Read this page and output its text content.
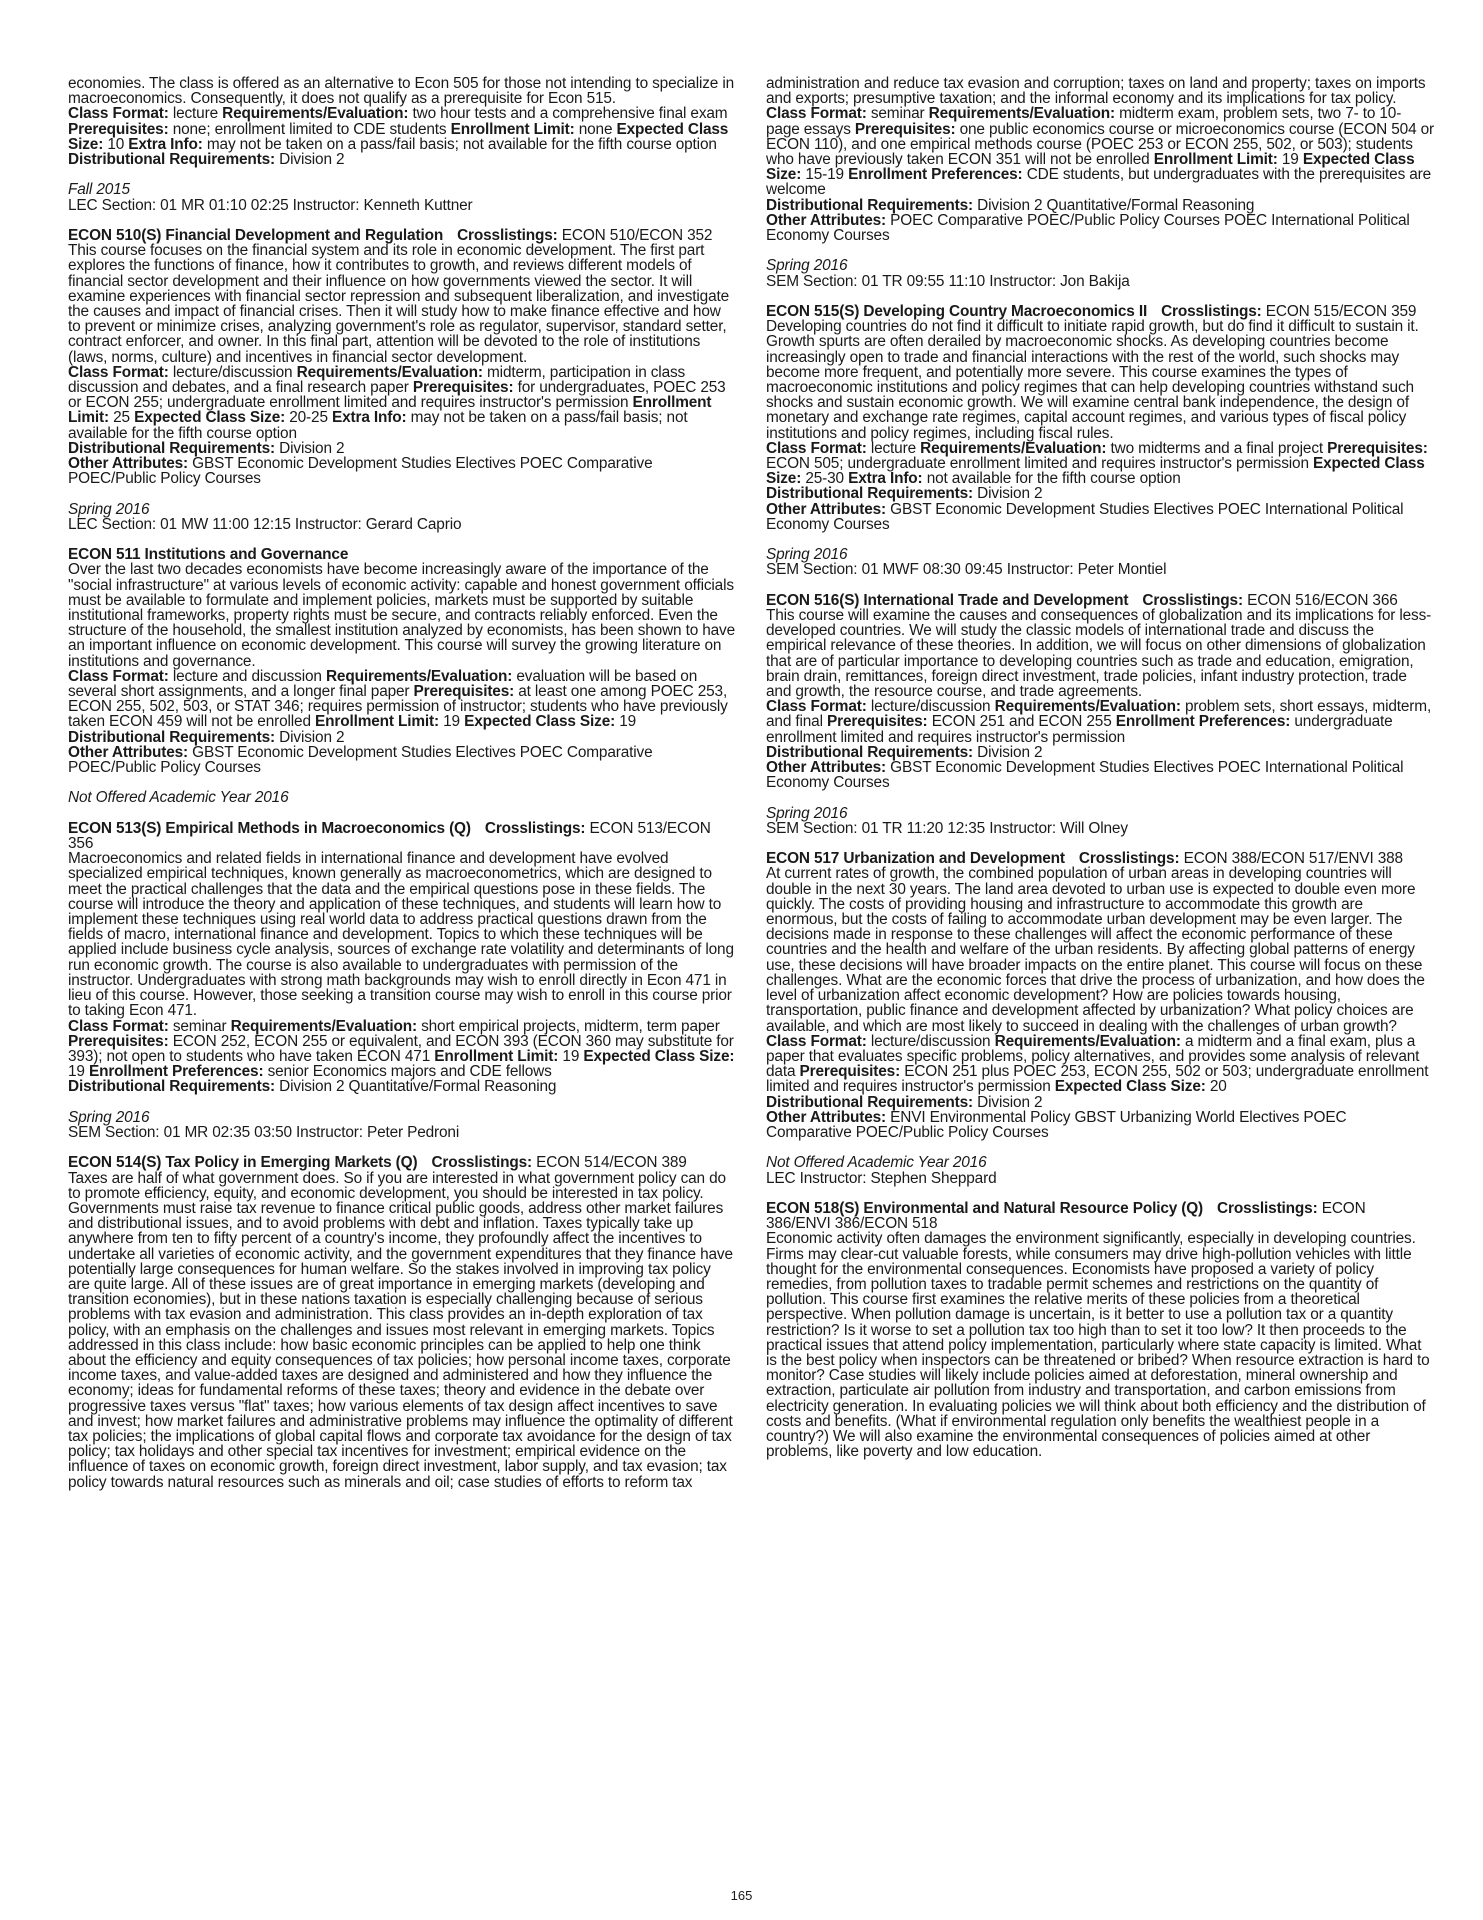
economies. The class is offered as an alternative to Econ 505 for those not intending to specialize in macroeconomics. Consequently, it does not qualify as a prerequisite for Econ 515.

Class Format: lecture Requirements/Evaluation: two hour tests and a comprehensive final exam Prerequisites: none; enrollment limited to CDE students Enrollment Limit: none Expected Class Size: 10 Extra Info: may not be taken on a pass/fail basis; not available for the fifth course option

Distributional Requirements: Division 2

Fall 2015

LEC Section: 01 MR 01:10 02:25 Instructor: Kenneth Kuttner

ECON 510(S) Financial Development and Regulation Crosslistings: ECON 510/ECON 352

This course focuses on the financial system and its role in economic development. The first part explores the functions of finance, how it contributes to growth, and reviews different models of financial sector development and their influence on how governments viewed the sector. It will examine experiences with financial sector repression and subsequent liberalization, and investigate the causes and impact of financial crises. Then it will study how to make finance effective and how to prevent or minimize crises, analyzing government's role as regulator, supervisor, standard setter, contract enforcer, and owner. In this final part, attention will be devoted to the role of institutions (laws, norms, culture) and incentives in financial sector development.

Class Format: lecture/discussion Requirements/Evaluation: midterm, participation in class discussion and debates, and a final research paper Prerequisites: for undergraduates, POEC 253 or ECON 255; undergraduate enrollment limited and requires instructor's permission Enrollment Limit: 25 Expected Class Size: 20-25 Extra Info: may not be taken on a pass/fail basis; not available for the fifth course option

Distributional Requirements: Division 2

Other Attributes: GBST Economic Development Studies Electives POEC Comparative POEC/Public Policy Courses

Spring 2016

LEC Section: 01 MW 11:00 12:15 Instructor: Gerard Caprio

ECON 511 Institutions and Governance

Over the last two decades economists have become increasingly aware of the importance of the "social infrastructure" at various levels of economic activity: capable and honest government officials must be available to formulate and implement policies, markets must be supported by suitable institutional frameworks, property rights must be secure, and contracts reliably enforced. Even the structure of the household, the smallest institution analyzed by economists, has been shown to have an important influence on economic development. This course will survey the growing literature on institutions and governance.

Class Format: lecture and discussion Requirements/Evaluation: evaluation will be based on several short assignments, and a longer final paper Prerequisites: at least one among POEC 253, ECON 255, 502, 503, or STAT 346; requires permission of instructor; students who have previously taken ECON 459 will not be enrolled Enrollment Limit: 19 Expected Class Size: 19

Distributional Requirements: Division 2

Other Attributes: GBST Economic Development Studies Electives POEC Comparative POEC/Public Policy Courses

Not Offered Academic Year 2016

ECON 513(S) Empirical Methods in Macroeconomics (Q) Crosslistings: ECON 513/ECON 356

Macroeconomics and related fields in international finance and development have evolved specialized empirical techniques, known generally as macroeconometrics, which are designed to meet the practical challenges that the data and the empirical questions pose in these fields. The course will introduce the theory and application of these techniques, and students will learn how to implement these techniques using real world data to address practical questions drawn from the fields of macro, international finance and development. Topics to which these techniques will be applied include business cycle analysis, sources of exchange rate volatility and determinants of long run economic growth. The course is also available to undergraduates with permission of the instructor. Undergraduates with strong math backgrounds may wish to enroll directly in Econ 471 in lieu of this course. However, those seeking a transition course may wish to enroll in this course prior to taking Econ 471.

Class Format: seminar Requirements/Evaluation: short empirical projects, midterm, term paper Prerequisites: ECON 252, ECON 255 or equivalent, and ECON 393 (ECON 360 may substitute for 393); not open to students who have taken ECON 471 Enrollment Limit: 19 Expected Class Size: 19 Enrollment Preferences: senior Economics majors and CDE fellows

Distributional Requirements: Division 2 Quantitative/Formal Reasoning

Spring 2016

SEM Section: 01 MR 02:35 03:50 Instructor: Peter Pedroni

ECON 514(S) Tax Policy in Emerging Markets (Q) Crosslistings: ECON 514/ECON 389

Taxes are half of what government does. So if you are interested in what government policy can do to promote efficiency, equity, and economic development, you should be interested in tax policy. Governments must raise tax revenue to finance critical public goods, address other market failures and distributional issues, and to avoid problems with debt and inflation. Taxes typically take up anywhere from ten to fifty percent of a country's income, they profoundly affect the incentives to undertake all varieties of economic activity, and the government expenditures that they finance have potentially large consequences for human welfare. So the stakes involved in improving tax policy are quite large. All of these issues are of great importance in emerging markets (developing and transition economies), but in these nations taxation is especially challenging because of serious problems with tax evasion and administration. This class provides an in-depth exploration of tax policy, with an emphasis on the challenges and issues most relevant in emerging markets. Topics addressed in this class include: how basic economic principles can be applied to help one think about the efficiency and equity consequences of tax policies; how personal income taxes, corporate income taxes, and value-added taxes are designed and administered and how they influence the economy; ideas for fundamental reforms of these taxes; theory and evidence in the debate over progressive taxes versus "flat" taxes; how various elements of tax design affect incentives to save and invest; how market failures and administrative problems may influence the optimality of different tax policies; the implications of global capital flows and corporate tax avoidance for the design of tax policy; tax holidays and other special tax incentives for investment; empirical evidence on the influence of taxes on economic growth, foreign direct investment, labor supply, and tax evasion; tax policy towards natural resources such as minerals and oil; case studies of efforts to reform tax

administration and reduce tax evasion and corruption; taxes on land and property; taxes on imports and exports; presumptive taxation; and the informal economy and its implications for tax policy.

Class Format: seminar Requirements/Evaluation: midterm exam, problem sets, two 7- to 10-page essays Prerequisites: one public economics course or microeconomics course (ECON 504 or ECON 110), and one empirical methods course (POEC 253 or ECON 255, 502, or 503); students who have previously taken ECON 351 will not be enrolled Enrollment Limit: 19 Expected Class Size: 15-19 Enrollment Preferences: CDE students, but undergraduates with the prerequisites are welcome

Distributional Requirements: Division 2 Quantitative/Formal Reasoning

Other Attributes: POEC Comparative POEC/Public Policy Courses POEC International Political Economy Courses

Spring 2016

SEM Section: 01 TR 09:55 11:10 Instructor: Jon Bakija

ECON 515(S) Developing Country Macroeconomics II Crosslistings: ECON 515/ECON 359

Developing countries do not find it difficult to initiate rapid growth, but do find it difficult to sustain it. Growth spurts are often derailed by macroeconomic shocks. As developing countries become increasingly open to trade and financial interactions with the rest of the world, such shocks may become more frequent, and potentially more severe. This course examines the types of macroeconomic institutions and policy regimes that can help developing countries withstand such shocks and sustain economic growth. We will examine central bank independence, the design of monetary and exchange rate regimes, capital account regimes, and various types of fiscal policy institutions and policy regimes, including fiscal rules.

Class Format: lecture Requirements/Evaluation: two midterms and a final project Prerequisites: ECON 505; undergraduate enrollment limited and requires instructor's permission Expected Class Size: 25-30 Extra Info: not available for the fifth course option

Distributional Requirements: Division 2

Other Attributes: GBST Economic Development Studies Electives POEC International Political Economy Courses

Spring 2016

SEM Section: 01 MWF 08:30 09:45 Instructor: Peter Montiel

ECON 516(S) International Trade and Development Crosslistings: ECON 516/ECON 366

This course will examine the causes and consequences of globalization and its implications for less-developed countries. We will study the classic models of international trade and discuss the empirical relevance of these theories. In addition, we will focus on other dimensions of globalization that are of particular importance to developing countries such as trade and education, emigration, brain drain, remittances, foreign direct investment, trade policies, infant industry protection, trade and growth, the resource course, and trade agreements.

Class Format: lecture/discussion Requirements/Evaluation: problem sets, short essays, midterm, and final Prerequisites: ECON 251 and ECON 255 Enrollment Preferences: undergraduate enrollment limited and requires instructor's permission

Distributional Requirements: Division 2

Other Attributes: GBST Economic Development Studies Electives POEC International Political Economy Courses

Spring 2016

SEM Section: 01 TR 11:20 12:35 Instructor: Will Olney

ECON 517 Urbanization and Development Crosslistings: ECON 388/ECON 517/ENVI 388

At current rates of growth, the combined population of urban areas in developing countries will double in the next 30 years. The land area devoted to urban use is expected to double even more quickly. The costs of providing housing and infrastructure to accommodate this growth are enormous, but the costs of failing to accommodate urban development may be even larger. The decisions made in response to these challenges will affect the economic performance of these countries and the health and welfare of the urban residents. By affecting global patterns of energy use, these decisions will have broader impacts on the entire planet. This course will focus on these challenges. What are the economic forces that drive the process of urbanization, and how does the level of urbanization affect economic development? How are policies towards housing, transportation, public finance and development affected by urbanization? What policy choices are available, and which are most likely to succeed in dealing with the challenges of urban growth?

Class Format: lecture/discussion Requirements/Evaluation: a midterm and a final exam, plus a paper that evaluates specific problems, policy alternatives, and provides some analysis of relevant data Prerequisites: ECON 251 plus POEC 253, ECON 255, 502 or 503; undergraduate enrollment limited and requires instructor's permission Expected Class Size: 20

Distributional Requirements: Division 2

Other Attributes: ENVI Environmental Policy GBST Urbanizing World Electives POEC Comparative POEC/Public Policy Courses

Not Offered Academic Year 2016

LEC Instructor: Stephen Sheppard

ECON 518(S) Environmental and Natural Resource Policy (Q) Crosslistings: ECON 386/ENVI 386/ECON 518

Economic activity often damages the environment significantly, especially in developing countries. Firms may clear-cut valuable forests, while consumers may drive high-pollution vehicles with little thought for the environmental consequences. Economists have proposed a variety of policy remedies, from pollution taxes to tradable permit schemes and restrictions on the quantity of pollution. This course first examines the relative merits of these policies from a theoretical perspective. When pollution damage is uncertain, is it better to use a pollution tax or a quantity restriction? Is it worse to set a pollution tax too high than to set it too low? It then proceeds to the practical issues that attend policy implementation, particularly where state capacity is limited. What is the best policy when inspectors can be threatened or bribed? When resource extraction is hard to monitor? Case studies will likely include policies aimed at deforestation, mineral ownership and extraction, particulate air pollution from industry and transportation, and carbon emissions from electricity generation. In evaluating policies we will think about both efficiency and the distribution of costs and benefits. (What if environmental regulation only benefits the wealthiest people in a country?) We will also examine the environmental consequences of policies aimed at other problems, like poverty and low education.

165
